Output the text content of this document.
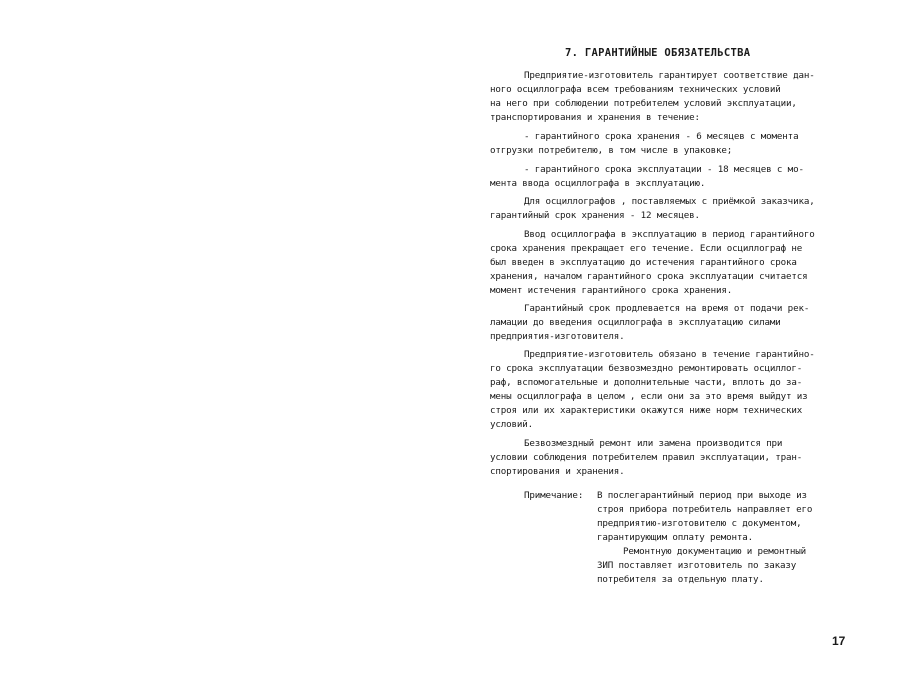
7. ГАРАНТИЙНЫЕ ОБЯЗАТЕЛЬСТВА
Предприятие-изготовитель гарантирует соответствие дан-
ного осциллографа всем требованиям технических условий
на него при соблюдении потребителем условий эксплуатации,
транспортирования и хранения в течение:
- гарантийного срока хранения - 6 месяцев с момента
отгрузки потребителю, в том числе в упаковке;
- гарантийного срока эксплуатации - 18 месяцев с мо-
мента ввода осциллографа в эксплуатацию.
Для осциллографов , поставляемых с приёмкой заказчика,
гарантийный срок хранения - 12 месяцев.
Ввод осциллографа в эксплуатацию в период гарантийного
срока хранения прекращает его течение. Если осциллограф не
был введен в эксплуатацию до истечения гарантийного срока
хранения, началом гарантийного срока эксплуатации считается
момент истечения гарантийного срока хранения.
Гарантийный срок продлевается на время от подачи рек-
ламации до введения осциллографа в эксплуатацию силами
предприятия-изготовителя.
Предприятие-изготовитель обязано в течение гарантийно-
го срока эксплуатации безвозмездно ремонтировать осциллог-
раф, вспомогательные и дополнительные части, вплоть до за-
мены осциллографа в целом , если они за это время выйдут из
строя или их характеристики окажутся ниже норм технических
условий.
Безвозмездный ремонт или замена производится при
условии соблюдения потребителем правил эксплуатации, тран-
спортирования и хранения.
Примечание: В послегарантийный период при выходе из
строя прибора потребитель направляет его
предприятию-изготовителю с документом,
гарантирующим оплату ремонта.
Ремонтную документацию и ремонтный
ЗИП поставляет изготовитель по заказу
потребителя за отдельную плату.
17
